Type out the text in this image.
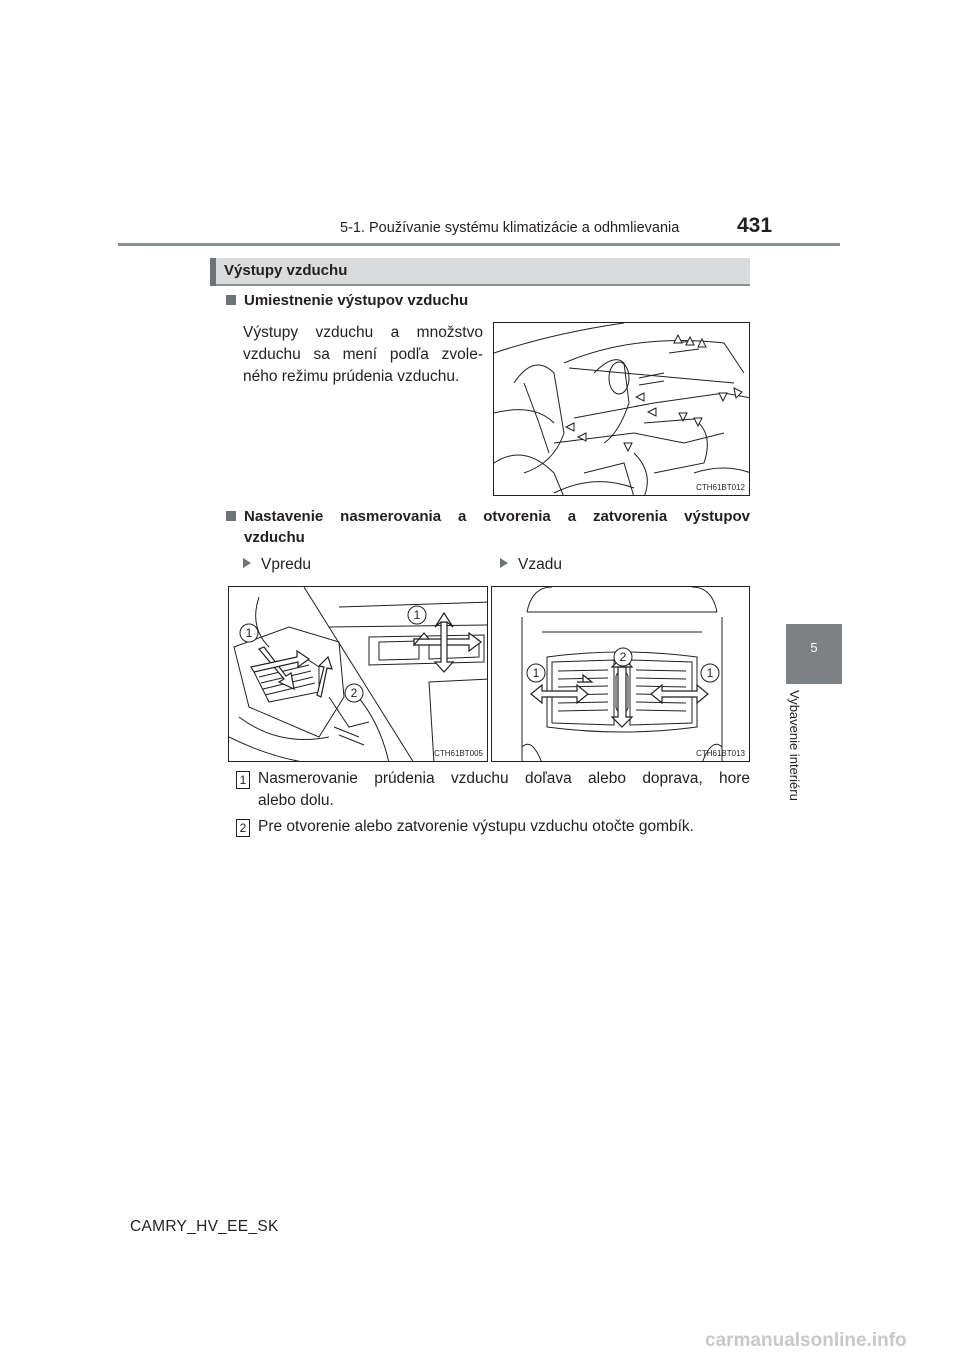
5-1. Používanie systému klimatizácie a odhmlievania	431
5
Vybavenie interiéru
Výstupy vzduchu
Umiestnenie výstupov vzduchu
Výstupy vzduchu a množstvo
vzduchu sa mení podľa zvole-
ného režimu prúdenia vzduchu.
CTH61BT012
Nastavenie nasmerovania a otvorenia a zatvorenia výstupov
vzduchu
Vpredu	Vzadu
1
1
2
CTH61BT005
1	1
2
CTH61BT013
1 Nasmerovanie prúdenia vzduchu doľava alebo doprava, hore
alebo dolu.
2 Pre otvorenie alebo zatvorenie výstupu vzduchu otočte gombík.
CAMRY_HV_EE_SK
carmanualsonline.info
